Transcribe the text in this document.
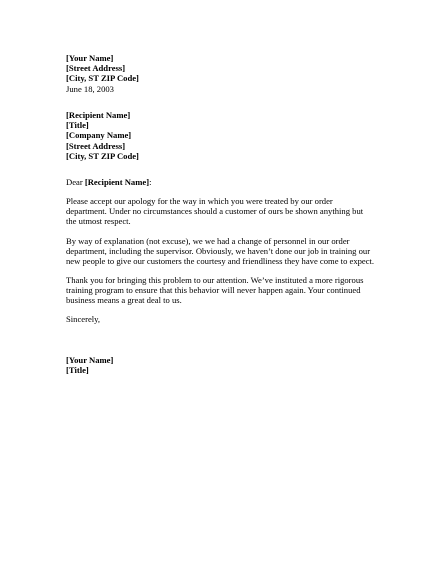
[Your Name]
[Street Address]
[City, ST ZIP Code]
June 18, 2003
[Recipient Name]
[Title]
[Company Name]
[Street Address]
[City, ST ZIP Code]
Dear [Recipient Name]:
Please accept our apology for the way in which you were treated by our order
department. Under no circumstances should a customer of ours be shown anything but
the utmost respect.
By way of explanation (not excuse), we we had a change of personnel in our order
department, including the supervisor. Obviously, we haven’t done our job in training our
new people to give our customers the courtesy and friendliness they have come to expect.
Thank you for bringing this problem to our attention. We’ve instituted a more rigorous
training program to ensure that this behavior will never happen again. Your continued
business means a great deal to us.
Sincerely,
[Your Name]
[Title]
